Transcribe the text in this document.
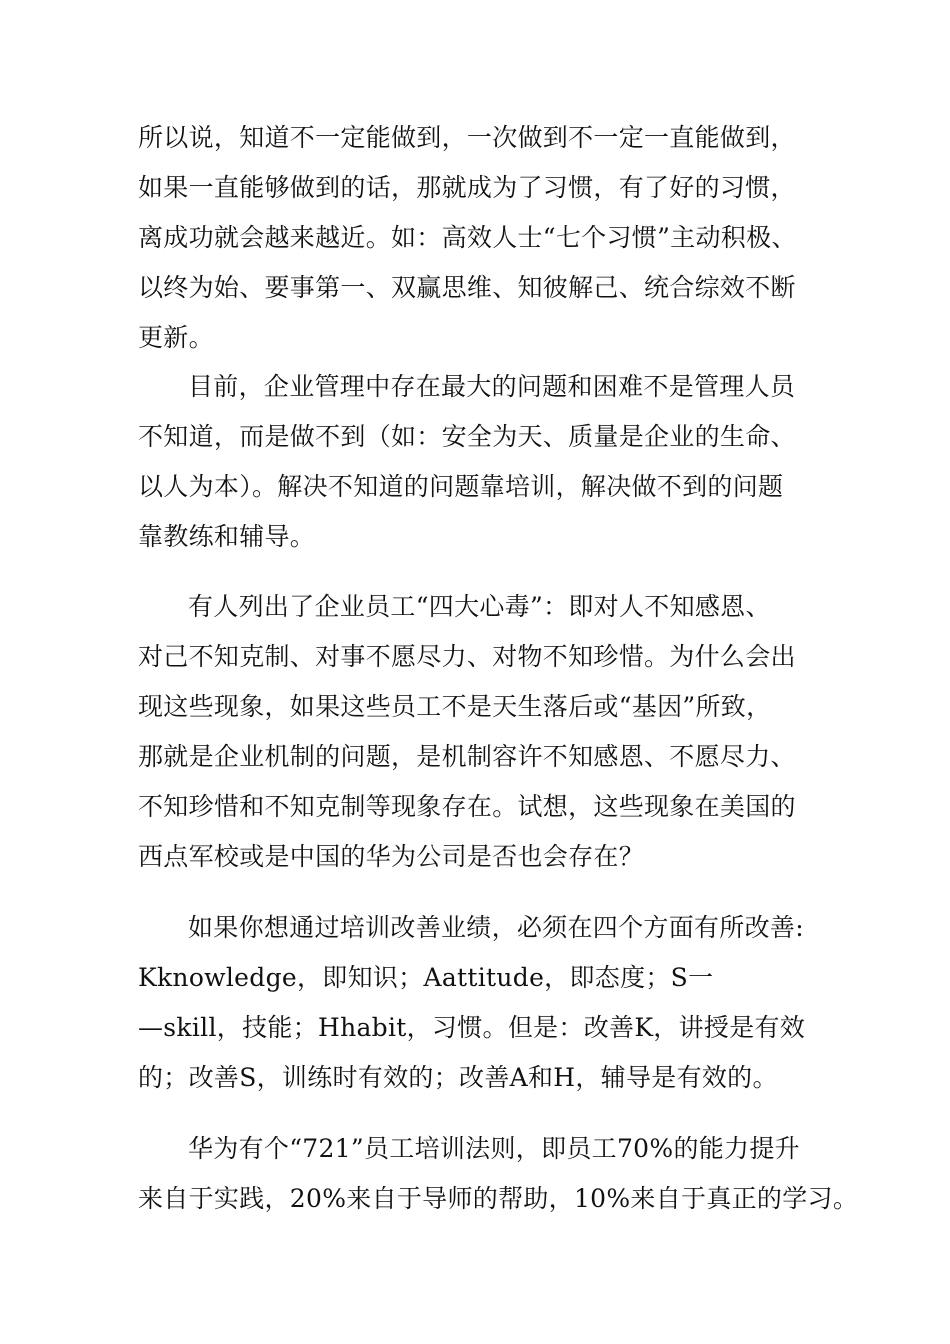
所以说，知道不一定能做到，一次做到不一定一直能做到，
如果一直能够做到的话，那就成为了习惯，有了好的习惯，
离成功就会越来越近。如：高效人士“七个习惯”主动积极、
以终为始、要事第一、双赢思维、知彼解己、统合综效不断
更新。
目前，企业管理中存在最大的问题和困难不是管理人员
不知道，而是做不到（如：安全为天、质量是企业的生命、
以人为本）。解决不知道的问题靠培训，解决做不到的问题
靠教练和辅导。
有人列出了企业员工“四大心毒”：即对人不知感恩、
对己不知克制、对事不愿尽力、对物不知珍惜。为什么会出
现这些现象，如果这些员工不是天生落后或“基因”所致，
那就是企业机制的问题，是机制容许不知感恩、不愿尽力、
不知珍惜和不知克制等现象存在。试想，这些现象在美国的
西点军校或是中国的华为公司是否也会存在？
如果你想通过培训改善业绩，必须在四个方面有所改善:
Kknowledge，即知识；Aattitude，即态度；S一
—skill，技能；Hhabit，习惯。但是：改善K，讲授是有效
的；改善S，训练时有效的；改善A和H，辅导是有效的。
华为有个“721”员工培训法则，即员工70%的能力提升
来自于实践，20%来自于导师的帮助，10%来自于真正的学习。
